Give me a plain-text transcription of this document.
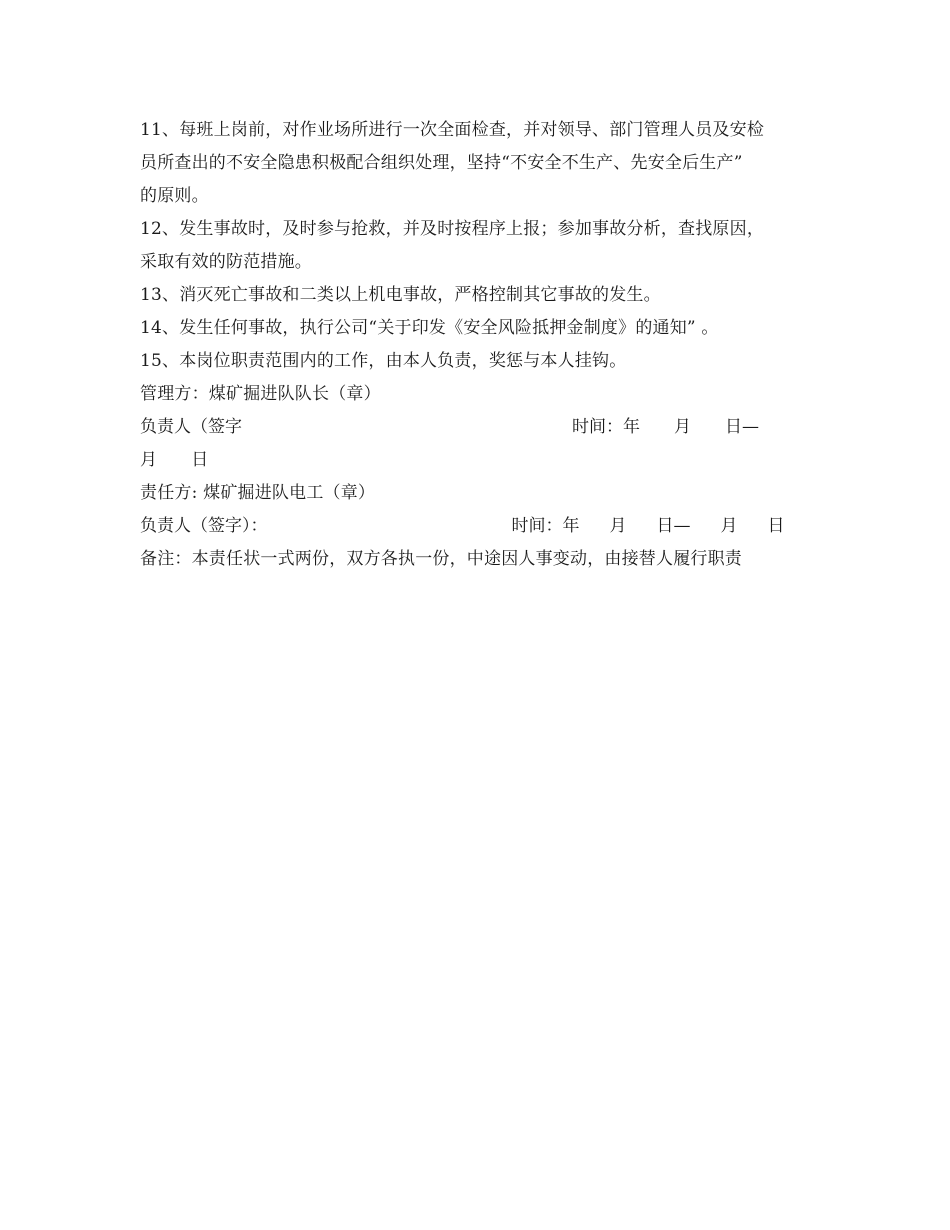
11、每班上岗前，对作业场所进行一次全面检查，并对领导、部门管理人员及安检
员所查出的不安全隐患积极配合组织处理，坚持“不安全不生产、先安全后生产”
的原则。
12、发生事故时，及时参与抢救，并及时按程序上报；参加事故分析，查找原因，
采取有效的防范措施。
13、消灭死亡事故和二类以上机电事故，严格控制其它事故的发生。
14、发生任何事故，执行公司“关于印发《安全风险抵押金制度》的通知” 。
15、本岗位职责范围内的工作，由本人负责，奖惩与本人挂钩。
管理方：煤矿掘进队队长（章）
负责人（签字	时间：年 月 日—
月 日
责任方: 煤矿掘进队电工（章）
负责人（签字）：	时间：年 月 日— 月 日
备注：本责任状一式两份，双方各执一份，中途因人事变动，由接替人履行职责
